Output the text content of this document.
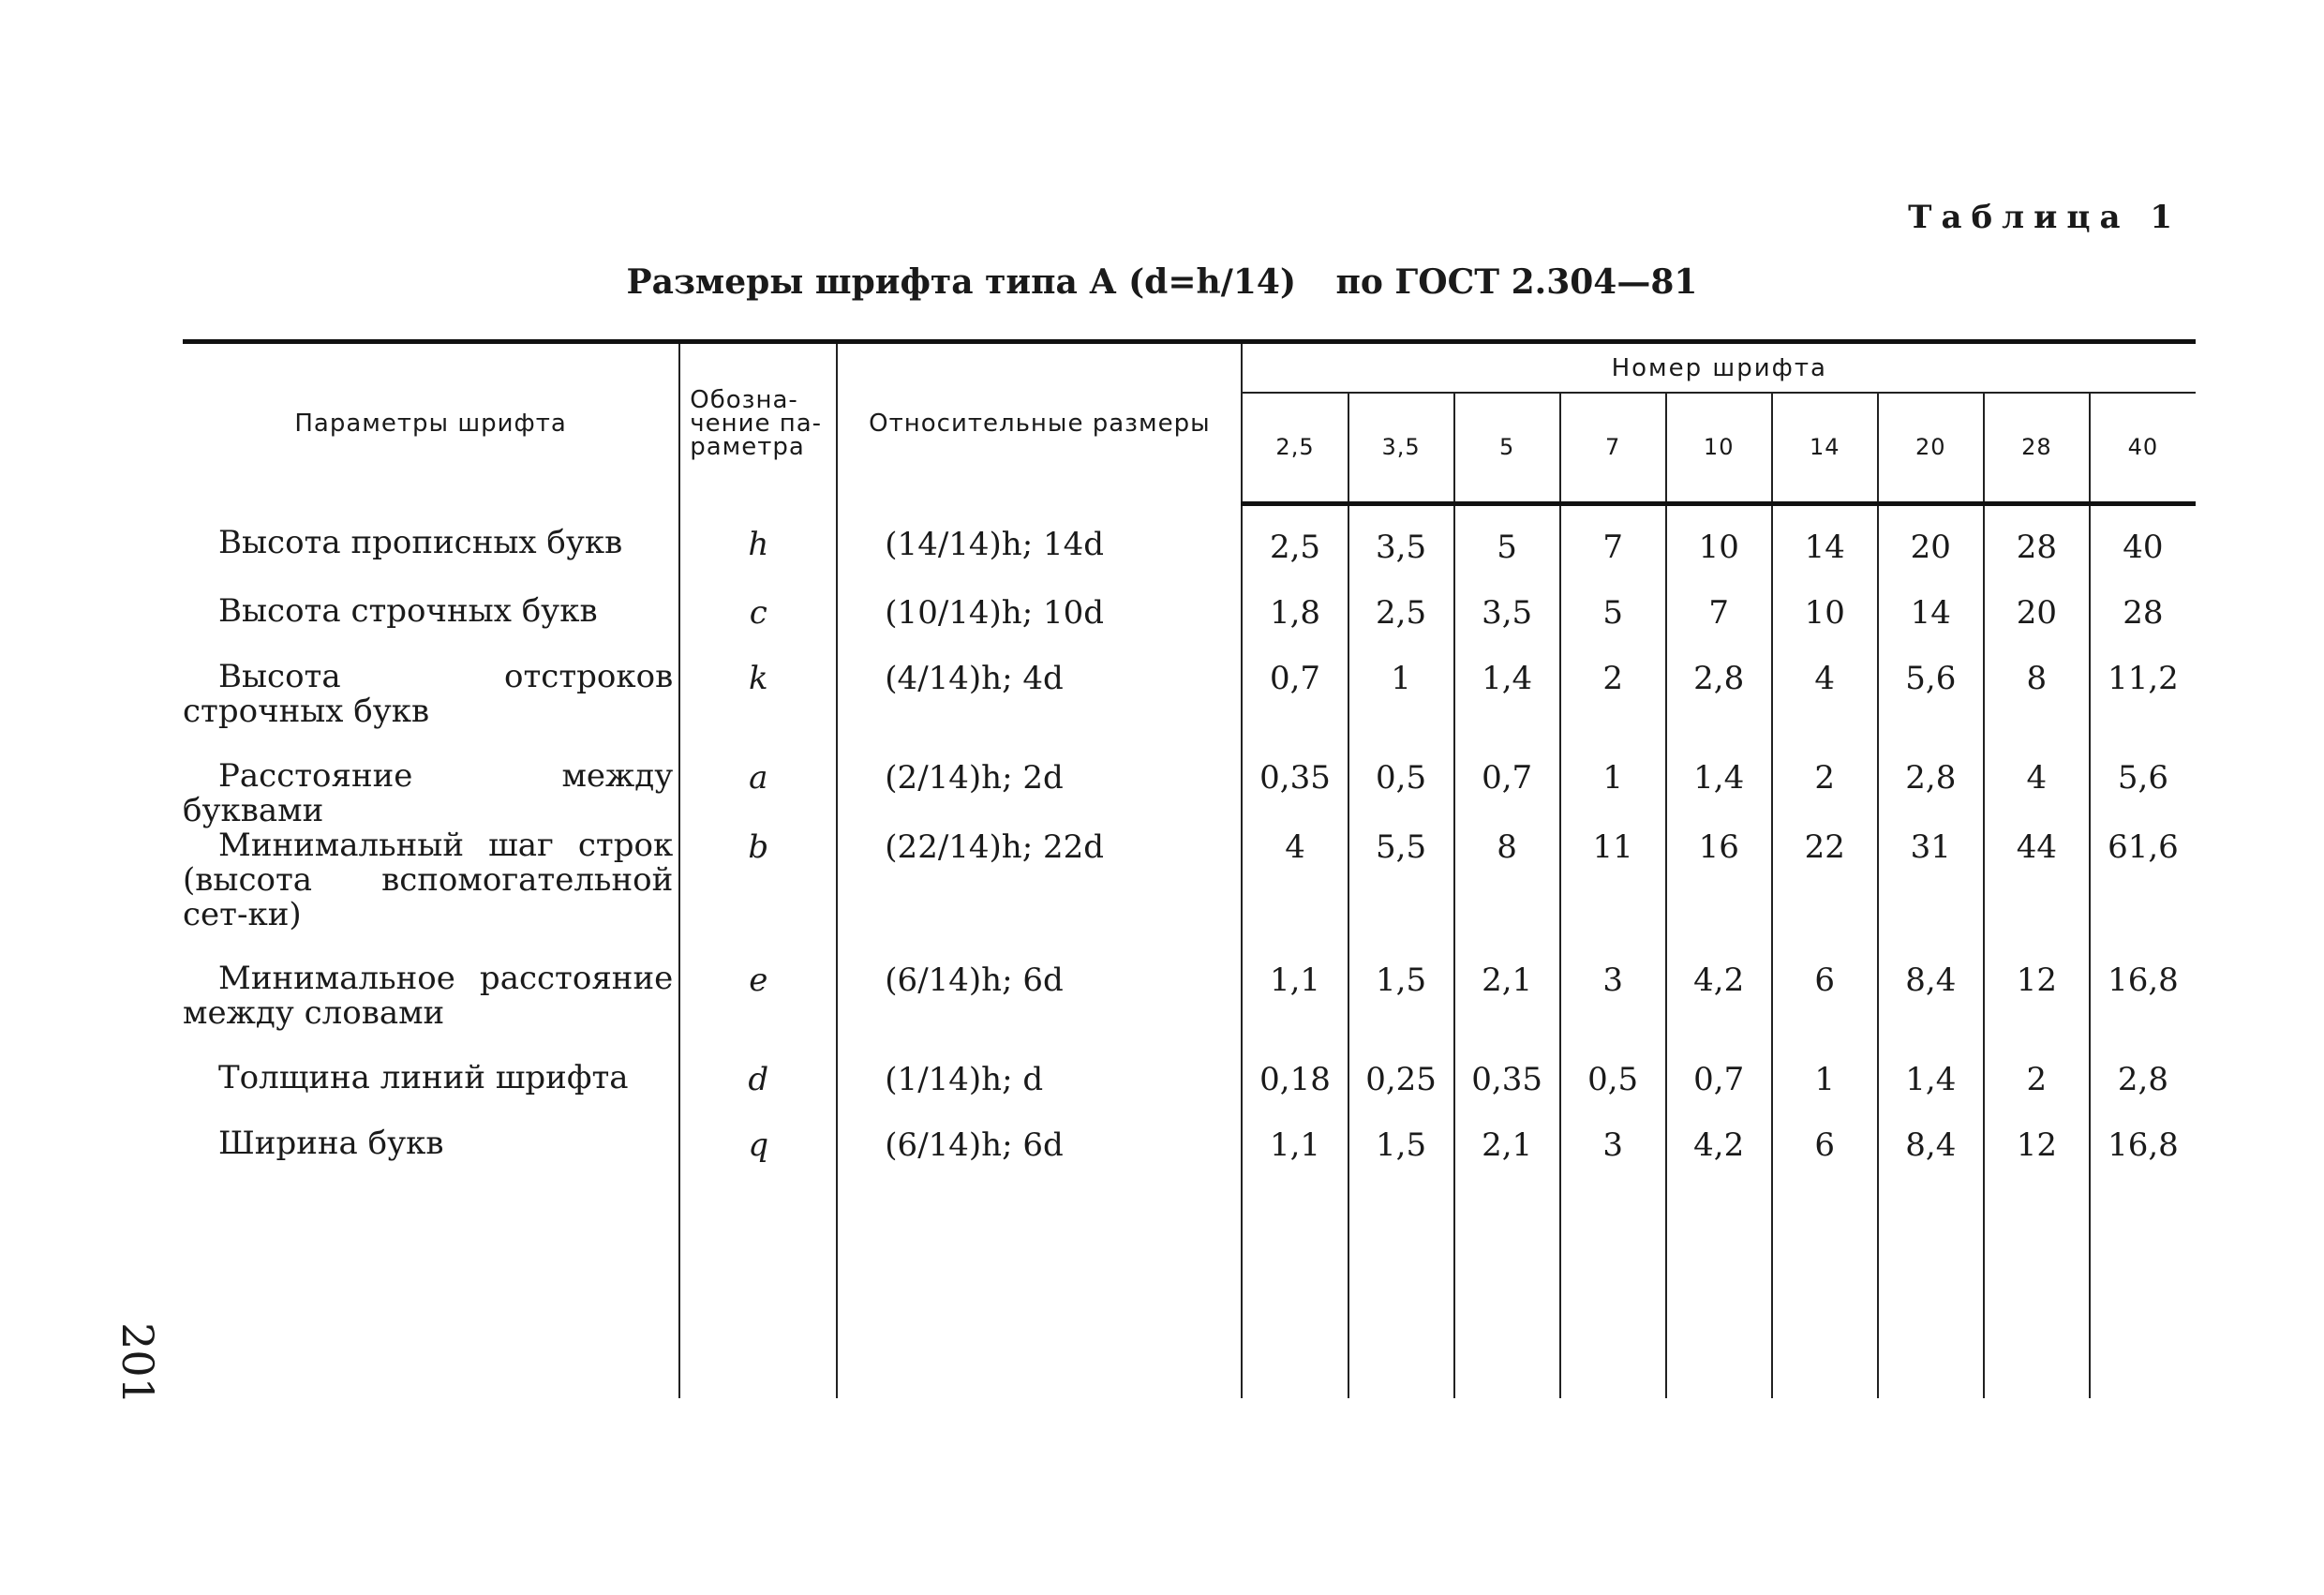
Таблица 1
Размеры шрифта типа А (d=h/14) по ГОСТ 2.304—81
201
Параметры шрифта	Обозна-
чение па-
раметра	Относительные размеры	Номер шрифта								
			2,5	3,5	5	7	10	14	20	28	40
Высота прописных букв	h	(14/14)h; 14d	2,5	3,5	5	7	10	14	20	28	40
Высота строчных букв	c	(10/14)h; 10d	1,8	2,5	3,5	5	7	10	14	20	28
Высота отстроков строчных букв	k	(4/14)h; 4d	0,7	1	1,4	2	2,8	4	5,6	8	11,2
Расстояние между буквами	a	(2/14)h; 2d	0,35	0,5	0,7	1	1,4	2	2,8	4	5,6
Минимальный шаг строк (высота вспомогательной сет-ки)	b	(22/14)h; 22d	4	5,5	8	11	16	22	31	44	61,6
Минимальное расстояние между словами	e	(6/14)h; 6d	1,1	1,5	2,1	3	4,2	6	8,4	12	16,8
Толщина линий шрифта	d	(1/14)h; d	0,18	0,25	0,35	0,5	0,7	1	1,4	2	2,8
Ширина букв	q	(6/14)h; 6d	1,1	1,5	2,1	3	4,2	6	8,4	12	16,8
